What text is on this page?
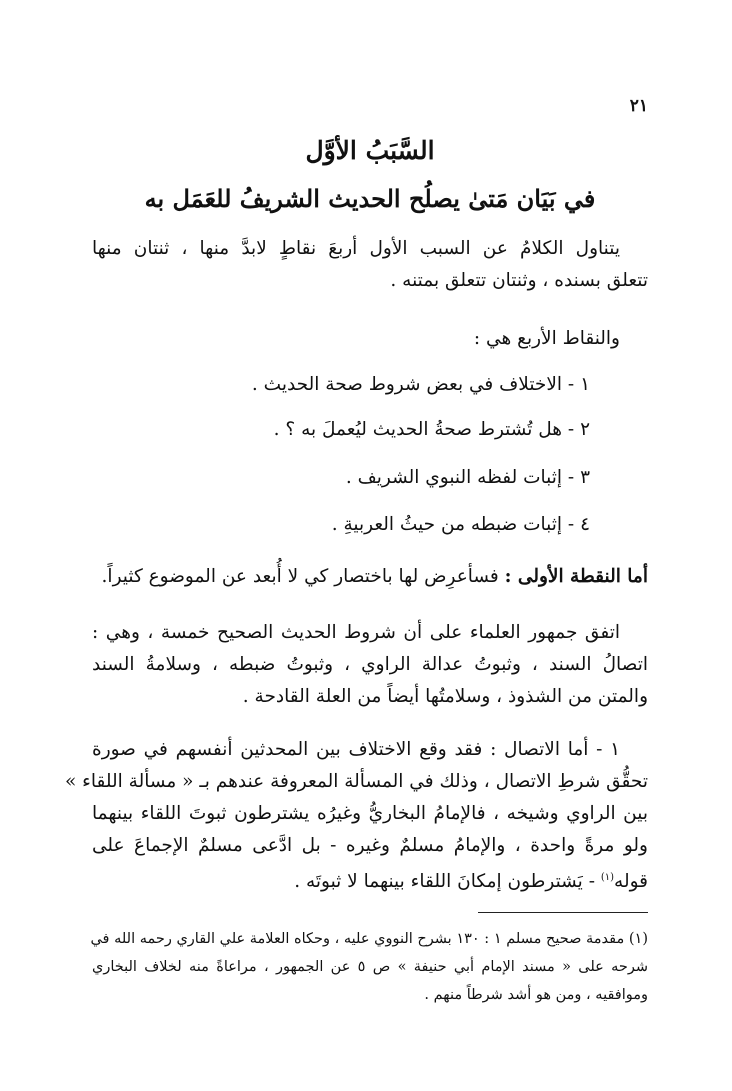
٢١
السَّبَبُ الأوَّل
في بَيَان مَتىٰ يصلُح الحديث الشريفُ للعَمَل به
يتناول الكلامُ عن السبب الأول أربعَ نقاطٍ لابدَّ منها ، ثنتان منها
تتعلق بسنده ، وثنتان تتعلق بمتنه .
والنقاط الأربع هي :
١ - الاختلاف في بعض شروط صحة الحديث .
٢ - هل تُشترط صحةُ الحديث ليُعملَ به ؟ .
٣ - إثبات لفظه النبوي الشريف .
٤ - إثبات ضبطه من حيثُ العربيةِ .
أما النقطة الأولى : فسأعرِض لها باختصار كي لا أُبعد عن الموضوع كثيراً.
اتفق جمهور العلماء على أن شروط الحديث الصحيح خمسة ، وهي :
اتصالُ السند ، وثبوتُ عدالة الراوي ، وثبوتُ ضبطه ، وسلامةُ السند
والمتن من الشذوذ ، وسلامتُها أيضاً من العلة القادحة .
١ - أما الاتصال : فقد وقع الاختلاف بين المحدثين أنفسهم في صورة
تحقُّق شرطِ الاتصال ، وذلك في المسألة المعروفة عندهم بـ « مسألة اللقاء »
بين الراوي وشيخه ، فالإمامُ البخاريُّ وغيرُه يشترطون ثبوتَ اللقاء بينهما
ولو مرةً واحدة ، والإمامُ مسلمٌ وغيره - بل ادَّعى مسلمٌ الإجماعَ على
قوله$^{(١)}$ - يَشترطون إمكانَ اللقاء بينهما لا ثبوتَه .
(١) مقدمة صحيح مسلم ١ : ١٣٠ بشرح النووي عليه ، وحكاه العلامة علي القاري رحمه الله في
شرحه على « مسند الإمام أبي حنيفة » ص ٥ عن الجمهور ، مراعاةً منه لخلاف البخاري
وموافقيه ، ومن هو أشد شرطاً منهم .
